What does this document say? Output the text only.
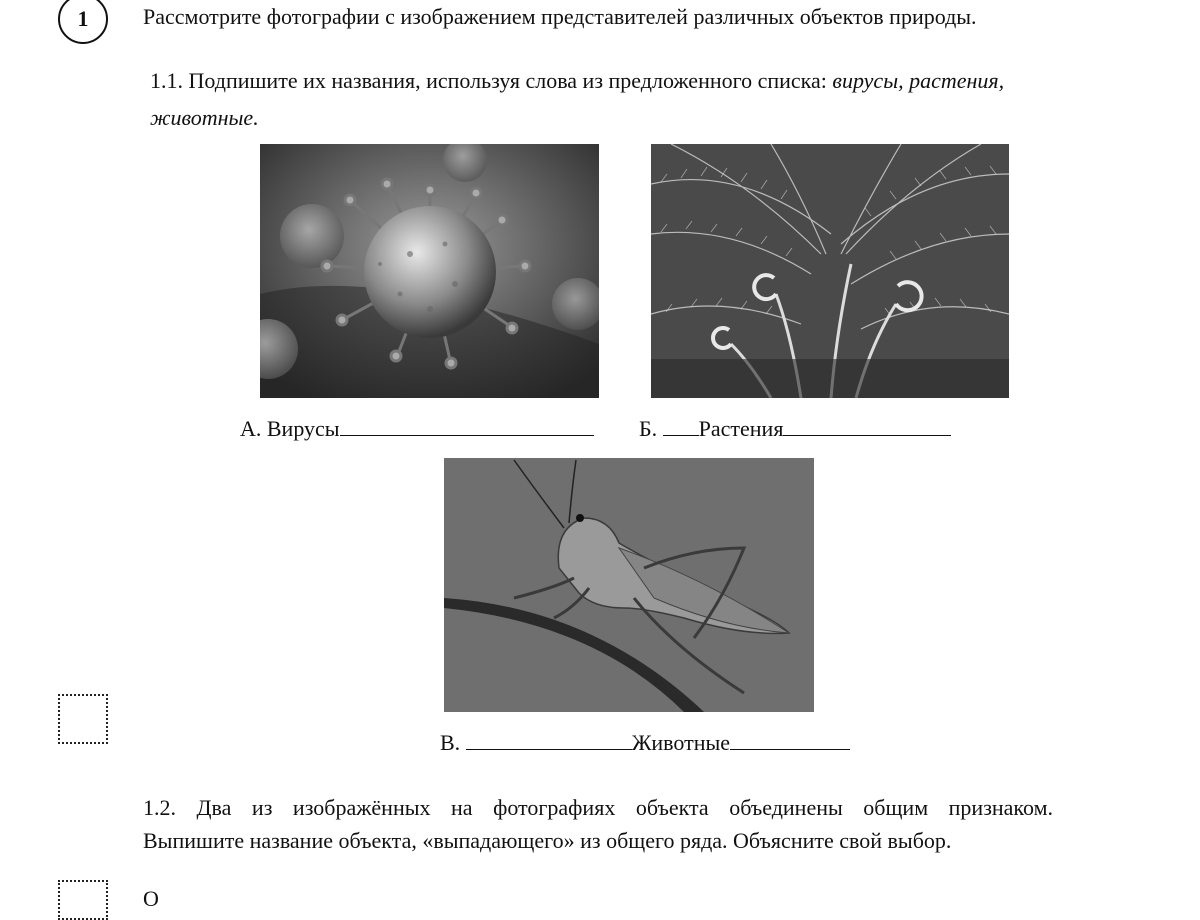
1 Рассмотрите фотографии с изображением представителей различных объектов природы.
1.1. Подпишите их названия, используя слова из предложенного списка: вирусы, растения,
животные.
А. Вирусы	Б. Растения
В.	Животные
1.2. Два из изображённых на фотографиях объекта объединены общим признаком.
Выпишите название объекта, «выпадающего» из общего ряда. Объясните свой выбор.
О
